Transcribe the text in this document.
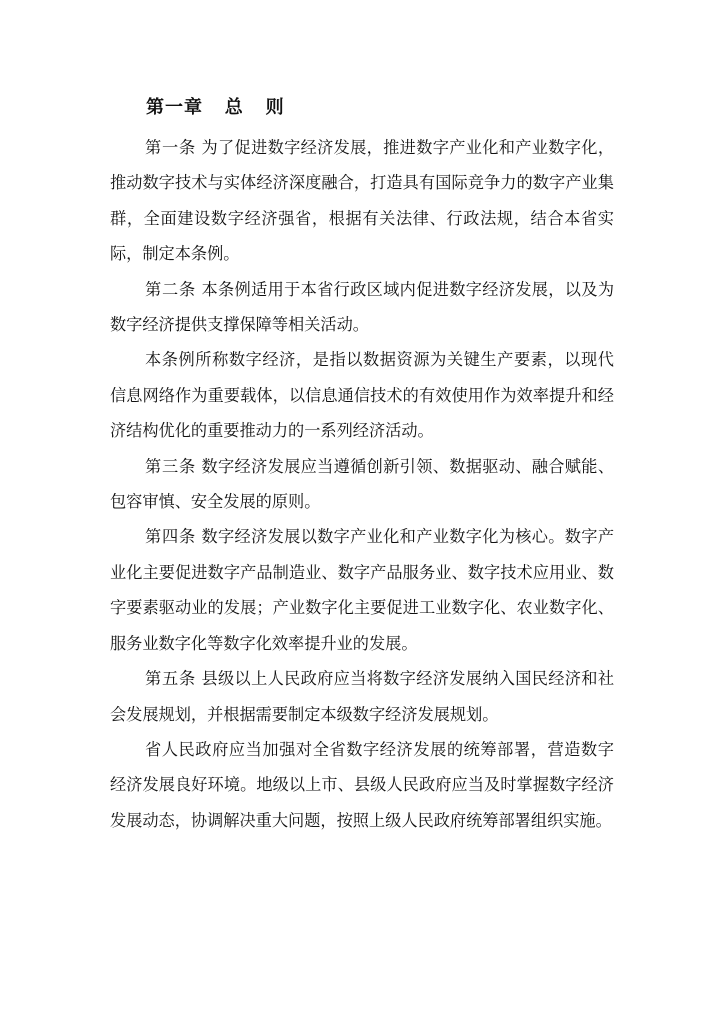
第一章   总   则

第一条 为了促进数字经济发展，推进数字产业化和产业数字化，推动数字技术与实体经济深度融合，打造具有国际竞争力的数字产业集群，全面建设数字经济强省，根据有关法律、行政法规，结合本省实际，制定本条例。

第二条 本条例适用于本省行政区域内促进数字经济发展，以及为数字经济提供支撑保障等相关活动。

本条例所称数字经济，是指以数据资源为关键生产要素，以现代信息网络作为重要载体，以信息通信技术的有效使用作为效率提升和经济结构优化的重要推动力的一系列经济活动。

第三条 数字经济发展应当遵循创新引领、数据驱动、融合赋能、包容审慎、安全发展的原则。

第四条 数字经济发展以数字产业化和产业数字化为核心。数字产业化主要促进数字产品制造业、数字产品服务业、数字技术应用业、数字要素驱动业的发展；产业数字化主要促进工业数字化、农业数字化、服务业数字化等数字化效率提升业的发展。

第五条 县级以上人民政府应当将数字经济发展纳入国民经济和社会发展规划，并根据需要制定本级数字经济发展规划。

省人民政府应当加强对全省数字经济发展的统筹部署，营造数字经济发展良好环境。地级以上市、县级人民政府应当及时掌握数字经济发展动态，协调解决重大问题，按照上级人民政府统筹部署组织实施。
